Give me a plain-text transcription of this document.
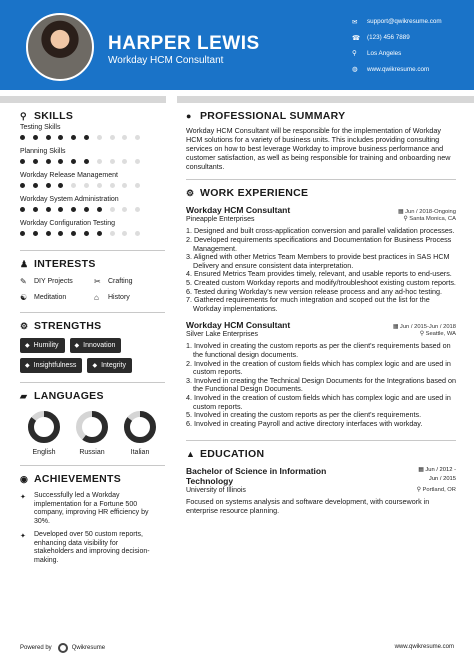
HARPER LEWIS
Workday HCM Consultant
✉	support@qwikresume.com
☎	(123) 456 7889
⚲	Los Angeles
◍	www.qwikresume.com
⚲ SKILLS
Testing Skills
Planning Skills
Workday Release Management
Workday System Administration
Workday Configuration Testing
♟ INTERESTS
✎	DIY Projects	✂	Crafting
☯ Meditation	⌂	History
⚙ STRENGTHS
◆ Humility	◆ Innovation
◆ Insightfulness	◆ Integrity
▰ LANGUAGES
English	Russian	Italian
◉ ACHIEVEMENTS
✦	Successfully led a Workday implementation for a Fortune 500 company, improving HR efficiency by 30%.
✦	Developed over 50 custom reports, enhancing data visibility for stakeholders and improving decision-making.
● PROFESSIONAL SUMMARY
Workday HCM Consultant will be responsible for the implementation of Workday HCM solutions for a variety of business units. This includes providing consulting services on how to best leverage Workday to improve business performance and customer satisfaction, as well as being responsible for training and onboarding new consultants.
⚙ WORK EXPERIENCE
Workday HCM Consultant	▦ Jun / 2018-Ongoing
Pineapple Enterprises	⚲ Santa Monica, CA
1. Designed and built cross-application conversion and parallel validation processes.
2. Developed requirements specifications and Documentation for Business Process Management.
3. Aligned with other Metrics Team Members to provide best practices in SAS HCM Delivery and ensure consistent data interpretation.
4. Ensured Metrics Team provides timely, relevant, and usable reports to end-users.
5. Created custom Workday reports and modify/troubleshoot existing custom reports.
6. Tested during Workday's new version release process and any ad-hoc testing.
7. Gathered requirements for much integration and scoped out the list for the Workday implementations.
Workday HCM Consultant	▦ Jun / 2015-Jun / 2018
Silver Lake Enterprises	⚲ Seattle, WA
1. Involved in creating the custom reports as per the client's requirements based on the functional design documents.
2. Involved in the creation of custom fields which has complex logic and are used in custom reports.
3. Involved in creating the Technical Design Documents for the Integrations based on the Functional Design Documents.
4. Involved in the creation of custom fields which has complex logic and are used in custom reports.
5. Involved in creating the custom reports as per the client's requirements.
6. Involved in creating Payroll and active directory interfaces with workday.
▲ EDUCATION
Bachelor of Science in Information Technology
▦ Jun / 2012 -
Jun / 2015
University of Illinois	⚲ Portland, OR
Focused on systems analysis and software development, with coursework in enterprise resource planning.
Powered by	Qwikresume	www.qwikresume.com
